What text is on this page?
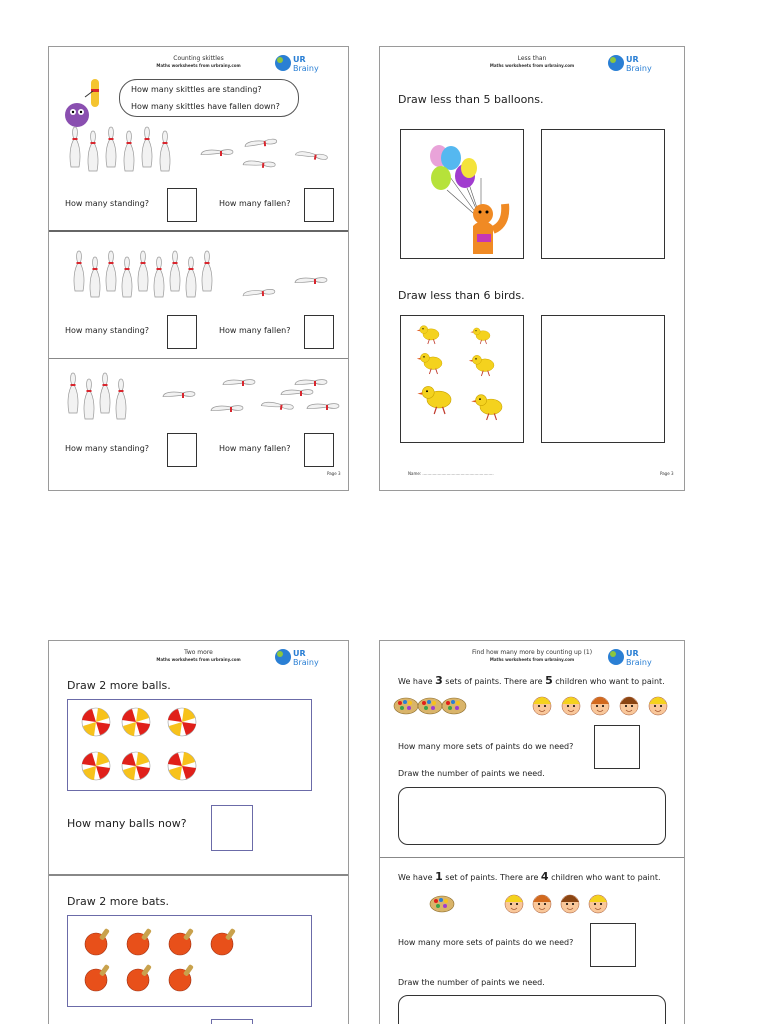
Counting skittles
Maths worksheets from urbrainy.com
UR
Brainy
How many skittles are standing?
How many skittles have fallen down?
How many standing?	How many fallen?
How many standing?	How many fallen?
How many standing?	How many fallen?
Page 3
Less than
Maths worksheets from urbrainy.com
UR
Brainy
Draw less than 5 balloons.
Draw less than 6 birds.
Name: ........................................................	Page 3
Two more
Maths worksheets from urbrainy.com
UR
Brainy
Draw 2 more balls.
How many balls now?
Draw 2 more bats.
Find how many more by counting up (1)
Maths worksheets from urbrainy.com
UR
Brainy
We have 3 sets of paints. There are 5 children who want to paint.
How many more sets of paints do we need?
Draw the number of paints we need.
We have 1 set of paints. There are 4 children who want to paint.
How many more sets of paints do we need?
Draw the number of paints we need.
